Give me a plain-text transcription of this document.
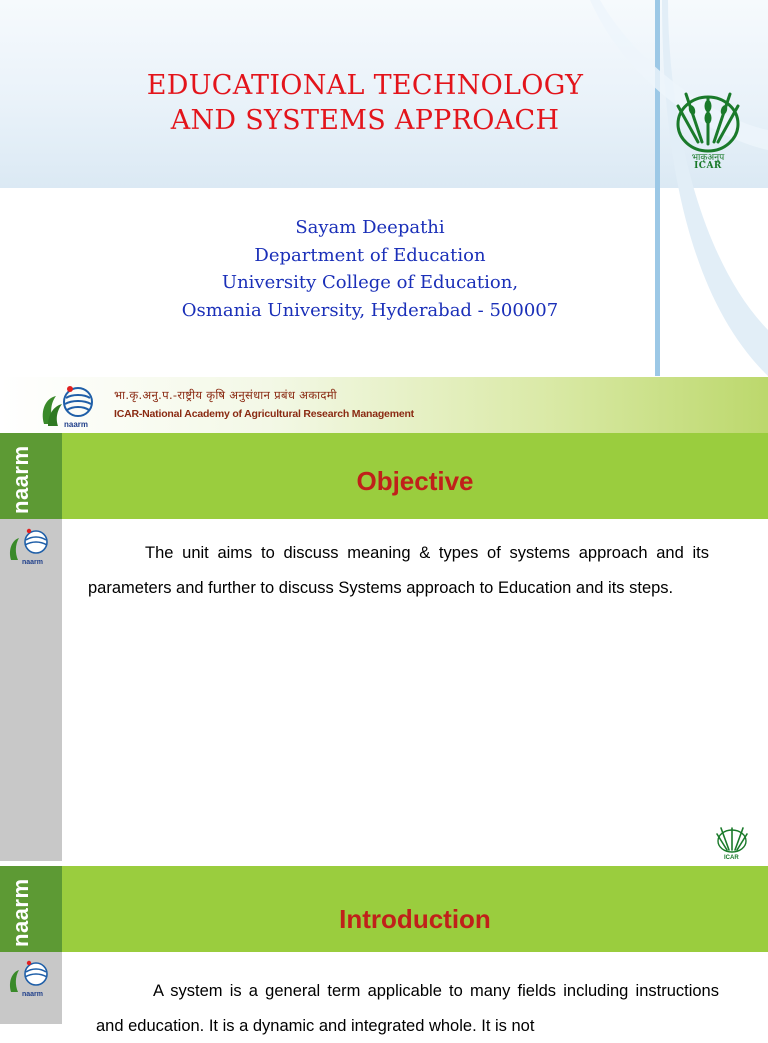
EDUCATIONAL TECHNOLOGY
AND SYSTEMS APPROACH
भाकृअनुप
ICAR
Sayam Deepathi
Department of Education
University College of Education,
Osmania University, Hyderabad - 500007
naarm
भा.कृ.अनु.प.-राष्ट्रीय कृषि अनुसंधान प्रबंध अकादमी
ICAR-National Academy of Agricultural Research Management
naarm
naarm
Objective

The unit aims to discuss meaning & types of systems approach and its parameters and further to discuss Systems approach to Education and its steps.

ICAR
naarm
naarm
Introduction

A system is a general term applicable to many fields including instructions and education. It is a dynamic and integrated whole. It is not
